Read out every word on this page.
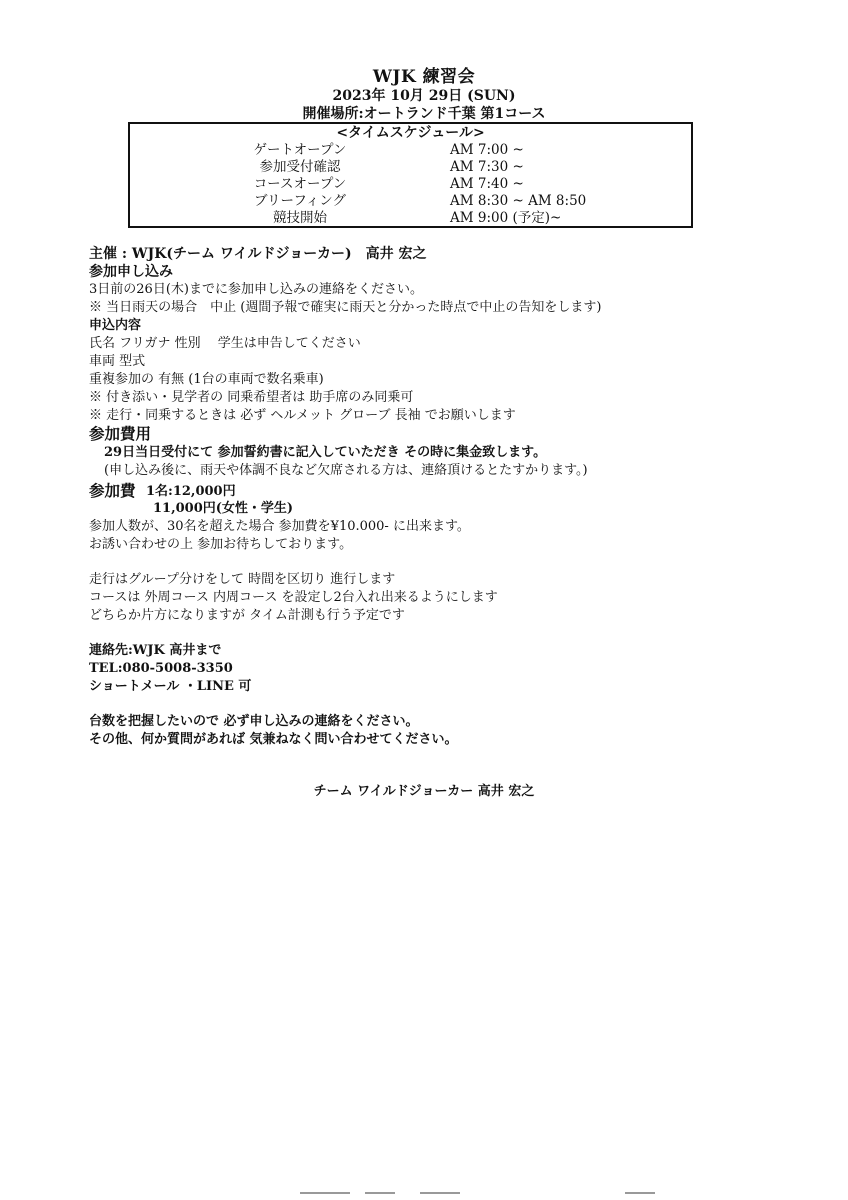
WJK 練習会
2023年 10月 29日 (SUN)
開催場所:オートランド千葉 第1コース
<タイムスケジュール>
ゲートオープン	AM 7:00 ~
参加受付確認	AM 7:30 ~
コースオープン	AM 7:40 ~
ブリーフィング	AM 8:30 ~ AM 8:50
競技開始	AM 9:00 (予定)~
主催 : WJK(チーム ワイルドジョーカー)　高井 宏之
参加申し込み
3日前の26日(木)までに参加申し込みの連絡をください。
※ 当日雨天の場合　中止 (週間予報で確実に雨天と分かった時点で中止の告知をします)
申込内容
氏名 フリガナ 性別　 学生は申告してください
車両 型式
重複参加の 有無 (1台の車両で数名乗車)
※ 付き添い・見学者の 同乗希望者は 助手席のみ同乗可
※ 走行・同乗するときは 必ず ヘルメット グローブ 長袖 でお願いします
参加費用
29日当日受付にて 参加誓約書に記入していただき その時に集金致します。
(申し込み後に、雨天や体調不良など欠席される方は、連絡頂けるとたすかります。)
参加費 1名:12,000円
11,000円(女性・学生)
参加人数が、30名を超えた場合 参加費を¥10.000- に出来ます。
お誘い合わせの上 参加お待ちしております。
走行はグループ分けをして 時間を区切り 進行します
コースは 外周コース 内周コース を設定し2台入れ出来るようにします
どちらか片方になりますが タイム計測も行う予定です
連絡先:WJK 高井まで
TEL:080-5008-3350
ショートメール ・LINE 可
台数を把握したいので 必ず申し込みの連絡をください。
その他、何か質問があれば 気兼ねなく問い合わせてください。
チーム ワイルドジョーカー 高井 宏之
